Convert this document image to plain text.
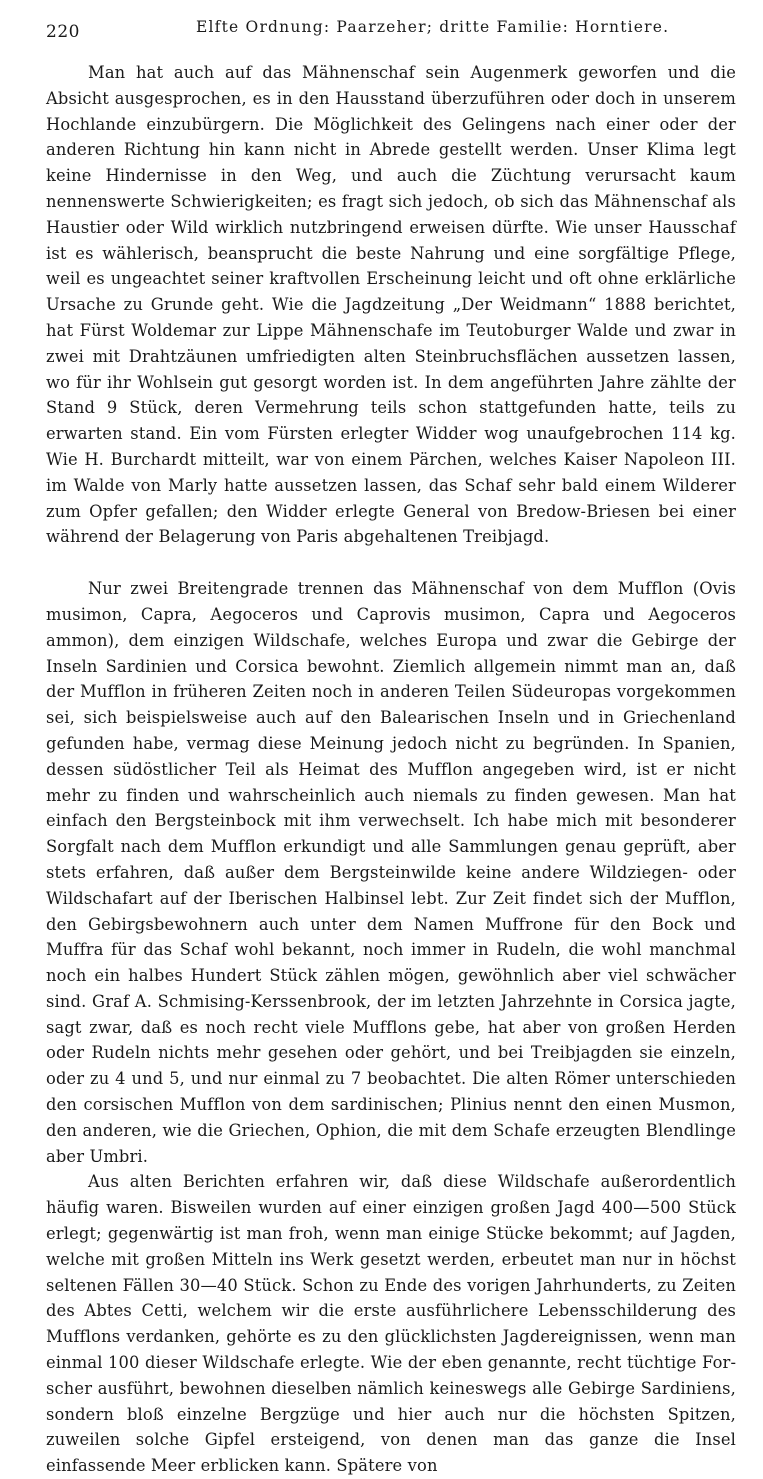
220	Elfte Ordnung: Paarzeher; dritte Familie: Horntiere.

Man hat auch auf das Mähnenschaf sein Augenmerk geworfen und die Absicht ausgesprochen, es in den Hausstand überzuführen oder doch in unserem Hochlande einzubürgern. Die Möglichkeit des Gelingens nach einer oder der anderen Richtung hin kann nicht in Abrede gestellt werden. Unser Klima legt keine Hindernisse in den Weg, und auch die Züchtung verursacht kaum nennenswerte Schwierigkeiten; es fragt sich jedoch, ob sich das Mähnenschaf als Haustier oder Wild wirklich nutzbringend erweisen dürfte. Wie unser Hausschaf ist es wählerisch, beansprucht die beste Nahrung und eine sorgfältige Pflege, weil es ungeachtet seiner kraftvollen Erscheinung leicht und oft ohne erklärliche Ursache zu Grunde geht. Wie die Jagdzeitung „Der Weidmann“ 1888 berichtet, hat Fürst Woldemar zur Lippe Mähnenschafe im Teutoburger Walde und zwar in zwei mit Drahtzäunen umfriedigten alten Steinbruchsflächen aussetzen lassen, wo für ihr Wohlsein gut gesorgt worden ist. In dem angeführten Jahre zählte der Stand 9 Stück, deren Vermehrung teils schon stattgefunden hatte, teils zu erwarten stand. Ein vom Fürsten erlegter Widder wog unaufgebrochen 114 kg. Wie H. Burchardt mitteilt, war von einem Pärchen, welches Kaiser Napoleon III. im Walde von Marly hatte aussetzen lassen, das Schaf sehr bald einem Wilderer zum Opfer gefallen; den Widder erlegte General von Bredow-Briesen bei einer während der Belagerung von Paris abgehaltenen Treibjagd.

Nur zwei Breitengrade trennen das Mähnenschaf von dem Mufflon (Ovis musimon, Capra, Aegoceros und Caprovis musimon, Capra und Aegoceros ammon), dem einzigen Wildschafe, welches Europa und zwar die Gebirge der Inseln Sardinien und Corsica bewohnt. Ziemlich allgemein nimmt man an, daß der Mufflon in früheren Zeiten noch in anderen Teilen Südeuropas vorgekommen sei, sich beispielsweise auch auf den Balearischen Inseln und in Griechenland gefunden habe, vermag diese Meinung jedoch nicht zu begründen. In Spanien, dessen südöstlicher Teil als Heimat des Mufflon angegeben wird, ist er nicht mehr zu finden und wahrscheinlich auch niemals zu finden gewesen. Man hat einfach den Bergsteinbock mit ihm verwechselt. Ich habe mich mit besonderer Sorgfalt nach dem Mufflon erkundigt und alle Sammlungen genau geprüft, aber stets erfahren, daß außer dem Bergsteinwilde keine andere Wildziegen- oder Wildschafart auf der Iberischen Halbinsel lebt. Zur Zeit findet sich der Mufflon, den Gebirgsbewohnern auch unter dem Namen Muffrone für den Bock und Muffra für das Schaf wohl bekannt, noch immer in Rudeln, die wohl manchmal noch ein halbes Hundert Stück zählen mögen, gewöhnlich aber viel schwächer sind. Graf A. Schmising-Kerssenbrook, der im letzten Jahrzehnte in Corsica jagte, sagt zwar, daß es noch recht viele Mufflons gebe, hat aber von großen Herden oder Rudeln nichts mehr gesehen oder gehört, und bei Treibjagden sie einzeln, oder zu 4 und 5, und nur einmal zu 7 beobachtet. Die alten Römer unterschieden den corsischen Mufflon von dem sardinischen; Plinius nennt den einen Musmon, den anderen, wie die Griechen, Ophion, die mit dem Schafe erzeugten Blendlinge aber Umbri.

Aus alten Berichten erfahren wir, daß diese Wildschafe außerordentlich häufig waren. Bisweilen wurden auf einer einzigen großen Jagd 400—500 Stück erlegt; gegenwärtig ist man froh, wenn man einige Stücke bekommt; auf Jagden, welche mit großen Mitteln ins Werk gesetzt werden, erbeutet man nur in höchst seltenen Fällen 30—40 Stück. Schon zu Ende des vorigen Jahrhunderts, zu Zeiten des Abtes Cetti, welchem wir die erste ausführlichere Lebensschilderung des Mufflons verdanken, gehörte es zu den glücklichsten Jagdereignissen, wenn man einmal 100 dieser Wildschafe erlegte. Wie der eben genannte, recht tüchtige Forscher ausführt, bewohnen dieselben nämlich keineswegs alle Gebirge Sardiniens, sondern bloß einzelne Bergzüge und hier auch nur die höchsten Spitzen, zuweilen solche Gipfel ersteigend, von denen man das ganze die Insel einfassende Meer erblicken kann. Spätere von
